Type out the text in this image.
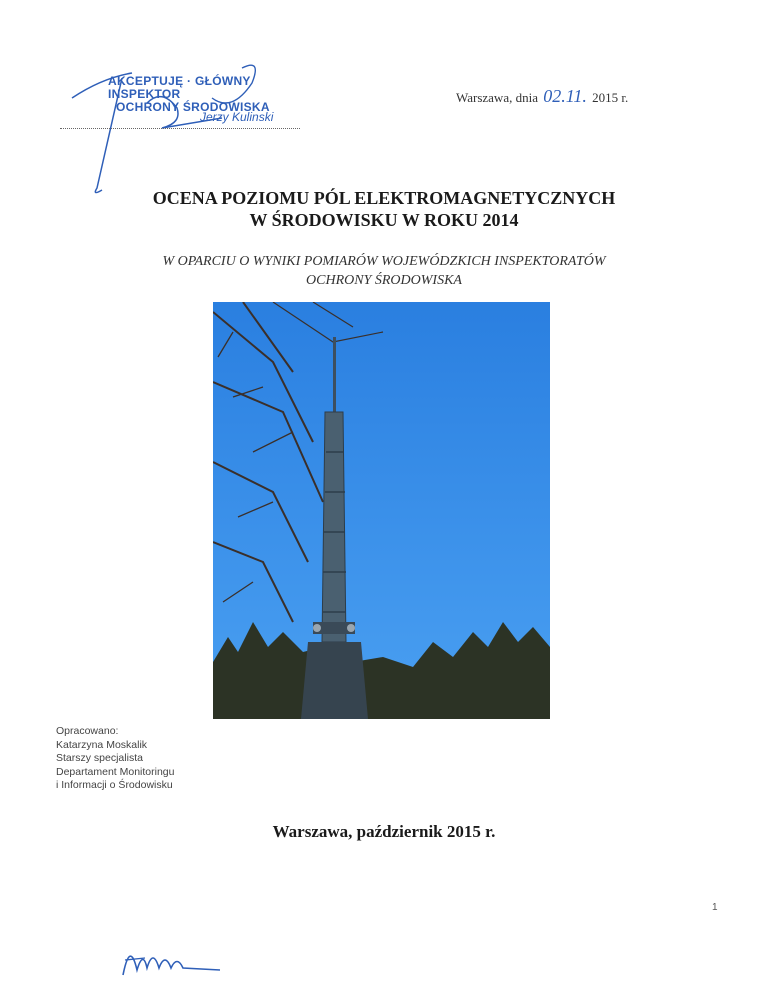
AKCEPTUJĘ · GŁÓWNY INSPEKTOR
OCHRONY ŚRODOWISKA
Jerzy Kulinski
Warszawa, dnia 02.11. 2015 r.
OCENA POZIOMU PÓL ELEKTROMAGNETYCZNYCH
W ŚRODOWISKU W ROKU 2014
W OPARCIU O WYNIKI POMIARÓW WOJEWÓDZKICH INSPEKTORATÓW
OCHRONY ŚRODOWISKA
Opracowano:
Katarzyna Moskalik
Starszy specjalista
Departament Monitoringu
i Informacji o Środowisku
Warszawa, październik 2015 r.
1
